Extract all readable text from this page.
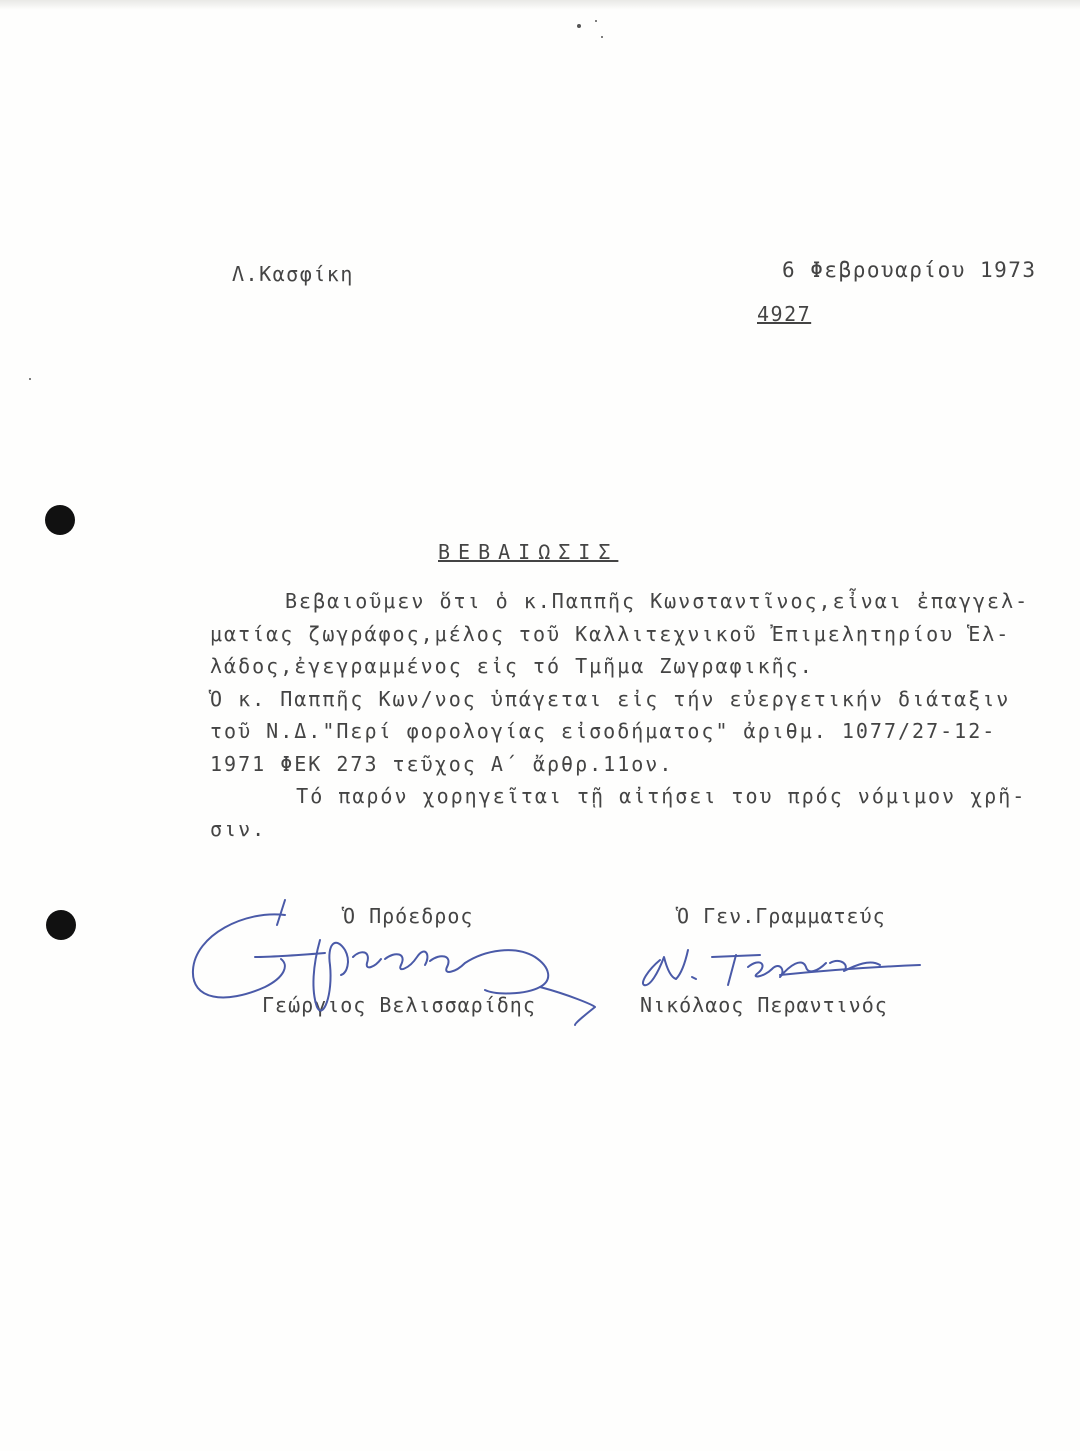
Λ.Κασφίκη	6 Φεβρουαρίου 1973
4927
ΒΕΒΑΙΩΣΙΣ
Βεβαιοῦμεν ὅτι ὁ κ.Παππῆς Κωνσταντῖνος,εἶναι ἐπαγγελ-
ματίας ζωγράφος,μέλος τοῦ Καλλιτεχνικοῦ Ἐπιμελητηρίου Ἑλ-
λάδος,ἐγεγραμμένος εἰς τό Τμῆμα Ζωγραφικῆς.
Ὁ κ. Παππῆς Κων/νος ὑπάγεται εἰς τήν εὐεργετικήν διάταξιν
τοῦ Ν.Δ."Περί φορολογίας εἰσοδήματος" ἀριθμ. 1077/27-12-
1971 ΦΕΚ 273 τεῦχος Α΄ ἄρθρ.11ον.
Τό παρόν χορηγεῖται τῇ αἰτήσει του πρός νόμιμον χρῆ-
σιν.
Ὁ Πρόεδρος	Ὁ Γεν.Γραμματεύς
Γεώργιος Βελισσαρίδης	Νικόλαος Περαντινός
